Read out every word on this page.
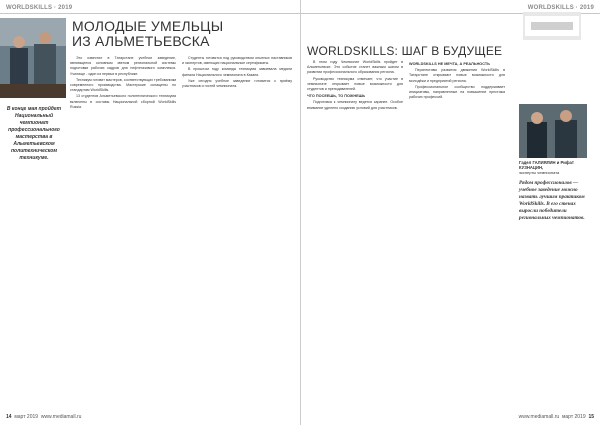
WORLDSKILLS · 2019
МОЛОДЫЕ УМЕЛЬЦЫ
ИЗ АЛЬМЕТЬЕВСКА
В конце мая пройдет Национальный чемпионат профессионального мастерства в Альметьевском политехническом техникуме.

Это известие в Татарстане учебное заведение, являющееся основным звеном региональной системы подготовки рабочих кадров для нефтегазового комплекса. Училище - один из первых в республике.

Техникум готовит мастеров, соответствующих требованиям современного производства. Мастерские оснащены по стандартам WorldSkills.

13 студентов Альметьевского политехнического техникума включены в составы Национальной сборной WorldSkills Russia.

Студенты готовятся под руководством опытных наставников и экспертов, имеющих национальные сертификаты.

В прошлом году команда техникума завоевала медали финала Национального чемпионата в Казани.

Уже сегодня учебное заведение готовится к приёму участников и гостей чемпионата.

14 март 2019 www.mediamall.ru
WORLDSKILLS · 2019
WORLDSKILLS: ШАГ В БУДУЩЕЕ

В этом году Чемпионат WorldSkills пройдет в Альметьевске. Это событие станет важным шагом в развитии профессионального образования региона.

Руководство техникума отмечает, что участие в чемпионате открывает новые возможности для студентов и преподавателей.

ЧТО ПОСЕЕШЬ, ТО ПОЖНЕШЬ

Подготовка к чемпионату ведется заранее. Особое внимание уделено созданию условий для участников.

WORLDSKILLS НЕ МЕЧТА, А РЕАЛЬНОСТЬ

Перспективы развития движения WorldSkills в Татарстане открывают новые возможности для молодёжи и предприятий региона.

Профессиональное сообщество поддерживает инициативы, направленные на повышение престижа рабочих профессий.

Гадел ГАЛИЯЛИН и Рифат КУЗНАЦИН,
эксперты чемпионата
Рядом профессионалов — учебное заведение можно назвать лучшим практиком WorldSkills. В его стенах выросли победители региональных чемпионатов.
www.mediamall.ru март 2019 15
